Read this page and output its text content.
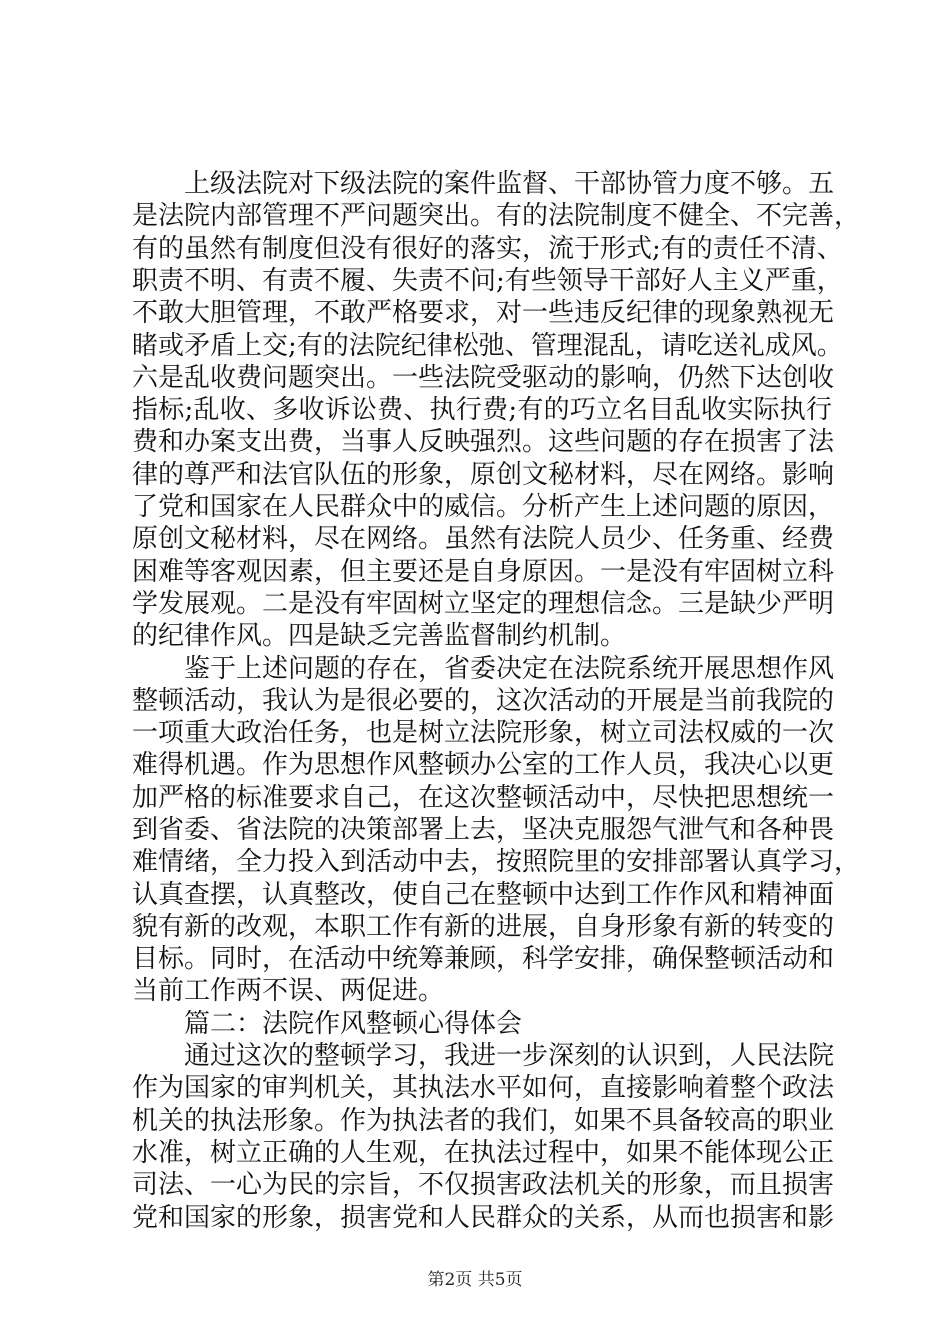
上级法院对下级法院的案件监督、干部协管力度不够。五
是法院内部管理不严问题突出。有的法院制度不健全、不完善，
有的虽然有制度但没有很好的落实，流于形式;有的责任不清、
职责不明、有责不履、失责不问;有些领导干部好人主义严重，
不敢大胆管理，不敢严格要求，对一些违反纪律的现象熟视无
睹或矛盾上交;有的法院纪律松弛、管理混乱，请吃送礼成风。
六是乱收费问题突出。一些法院受驱动的影响，仍然下达创收
指标;乱收、多收诉讼费、执行费;有的巧立名目乱收实际执行
费和办案支出费，当事人反映强烈。这些问题的存在损害了法
律的尊严和法官队伍的形象，原创文秘材料，尽在网络。影响
了党和国家在人民群众中的威信。分析产生上述问题的原因，
原创文秘材料，尽在网络。虽然有法院人员少、任务重、经费
困难等客观因素，但主要还是自身原因。一是没有牢固树立科
学发展观。二是没有牢固树立坚定的理想信念。三是缺少严明
的纪律作风。四是缺乏完善监督制约机制。
鉴于上述问题的存在，省委决定在法院系统开展思想作风
整顿活动，我认为是很必要的，这次活动的开展是当前我院的
一项重大政治任务，也是树立法院形象，树立司法权威的一次
难得机遇。作为思想作风整顿办公室的工作人员，我决心以更
加严格的标准要求自己，在这次整顿活动中，尽快把思想统一
到省委、省法院的决策部署上去，坚决克服怨气泄气和各种畏
难情绪，全力投入到活动中去，按照院里的安排部署认真学习，
认真查摆，认真整改，使自己在整顿中达到工作作风和精神面
貌有新的改观，本职工作有新的进展，自身形象有新的转变的
目标。同时，在活动中统筹兼顾，科学安排，确保整顿活动和
当前工作两不误、两促进。
篇二：法院作风整顿心得体会
通过这次的整顿学习，我进一步深刻的认识到，人民法院
作为国家的审判机关，其执法水平如何，直接影响着整个政法
机关的执法形象。作为执法者的我们，如果不具备较高的职业
水准，树立正确的人生观，在执法过程中，如果不能体现公正
司法、一心为民的宗旨，不仅损害政法机关的形象，而且损害
党和国家的形象，损害党和人民群众的关系，从而也损害和影
第2页 共5页
